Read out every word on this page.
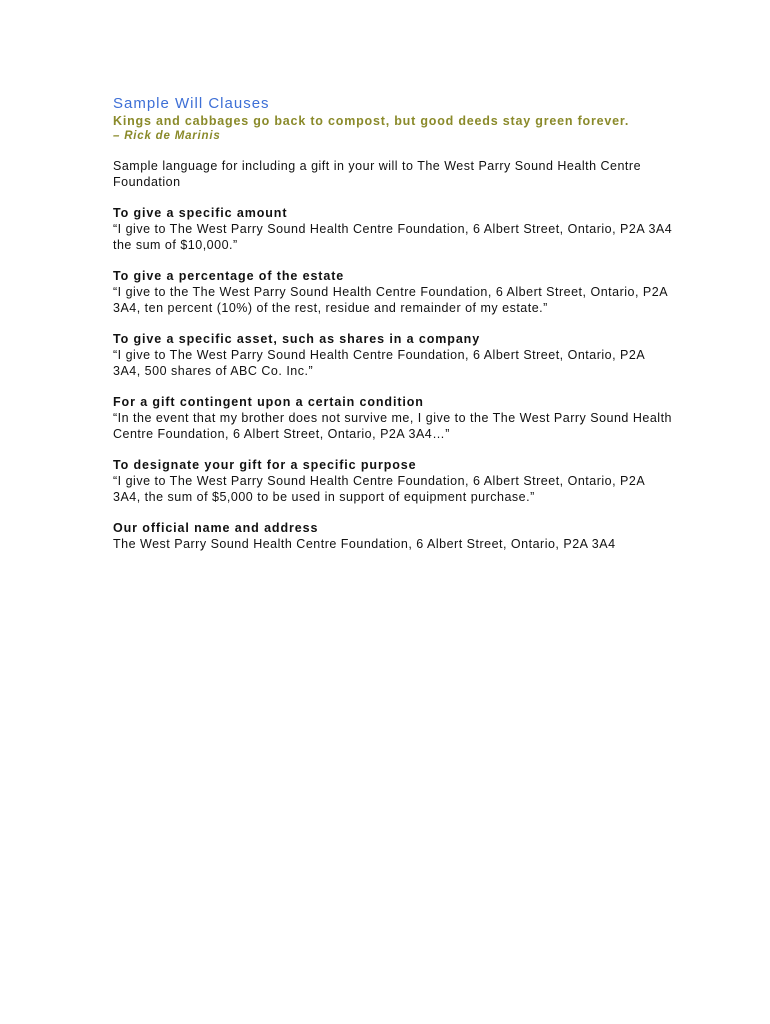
Sample Will Clauses

Kings and cabbages go back to compost, but good deeds stay green forever.

– Rick de Marinis

Sample language for including a gift in your will to The West Parry Sound Health Centre Foundation

To give a specific amount

“I give to The West Parry Sound Health Centre Foundation, 6 Albert Street, Ontario, P2A 3A4 the sum of $10,000.”

To give a percentage of the estate

“I give to the The West Parry Sound Health Centre Foundation, 6 Albert Street, Ontario, P2A 3A4, ten percent (10%) of the rest, residue and remainder of my estate.”

To give a specific asset, such as shares in a company

“I give to The West Parry Sound Health Centre Foundation, 6 Albert Street, Ontario, P2A 3A4, 500 shares of ABC Co. Inc.”

For a gift contingent upon a certain condition

“In the event that my brother does not survive me, I give to the The West Parry Sound Health Centre Foundation, 6 Albert Street, Ontario, P2A 3A4…”

To designate your gift for a specific purpose

“I give to The West Parry Sound Health Centre Foundation, 6 Albert Street, Ontario, P2A 3A4, the sum of $5,000 to be used in support of equipment purchase.”

Our official name and address

The West Parry Sound Health Centre Foundation, 6 Albert Street, Ontario, P2A 3A4
